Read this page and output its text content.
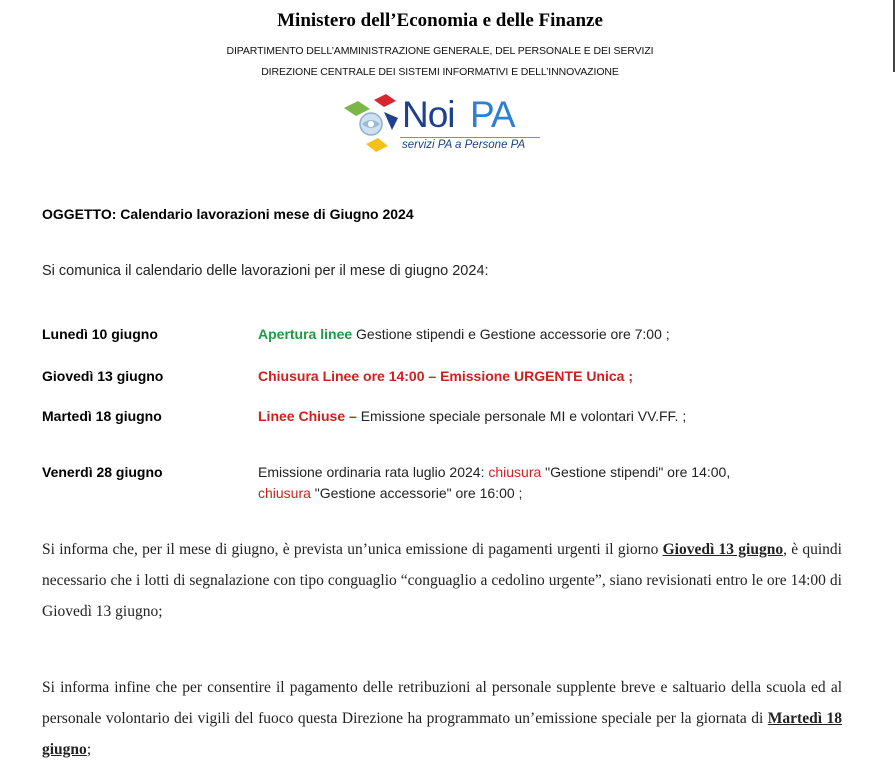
Ministero dell’Economia e delle Finanze
DIPARTIMENTO DELL’AMMINISTRAZIONE GENERALE, DEL PERSONALE E DEI SERVIZI
DIREZIONE CENTRALE DEI SISTEMI INFORMATIVI E DELL’INNOVAZIONE
Noi PA
servizi PA a Persone PA
OGGETTO: Calendario lavorazioni mese di Giugno 2024
Si comunica il calendario delle lavorazioni per il mese di giugno 2024:
Lunedì 10 giugno	Apertura linee Gestione stipendi e Gestione accessorie ore 7:00 ;
Giovedì 13 giugno	Chiusura Linee ore 14:00 – Emissione URGENTE Unica ;
Martedì 18 giugno	Linee Chiuse – Emissione speciale personale MI e volontari VV.FF. ;
Venerdì 28 giugno	Emissione ordinaria rata luglio 2024: chiusura "Gestione stipendi" ore 14:00,
chiusura "Gestione accessorie" ore 16:00 ;

Si informa che, per il mese di giugno, è prevista un’unica emissione di pagamenti urgenti il giorno Giovedì 13 giugno, è quindi necessario che i lotti di segnalazione con tipo conguaglio “conguaglio a cedolino urgente”, siano revisionati entro le ore 14:00 di Giovedì 13 giugno;

Si informa infine che per consentire il pagamento delle retribuzioni al personale supplente breve e saltuario della scuola ed al personale volontario dei vigili del fuoco questa Direzione ha programmato un’emissione speciale per la giornata di Martedì 18 giugno;
